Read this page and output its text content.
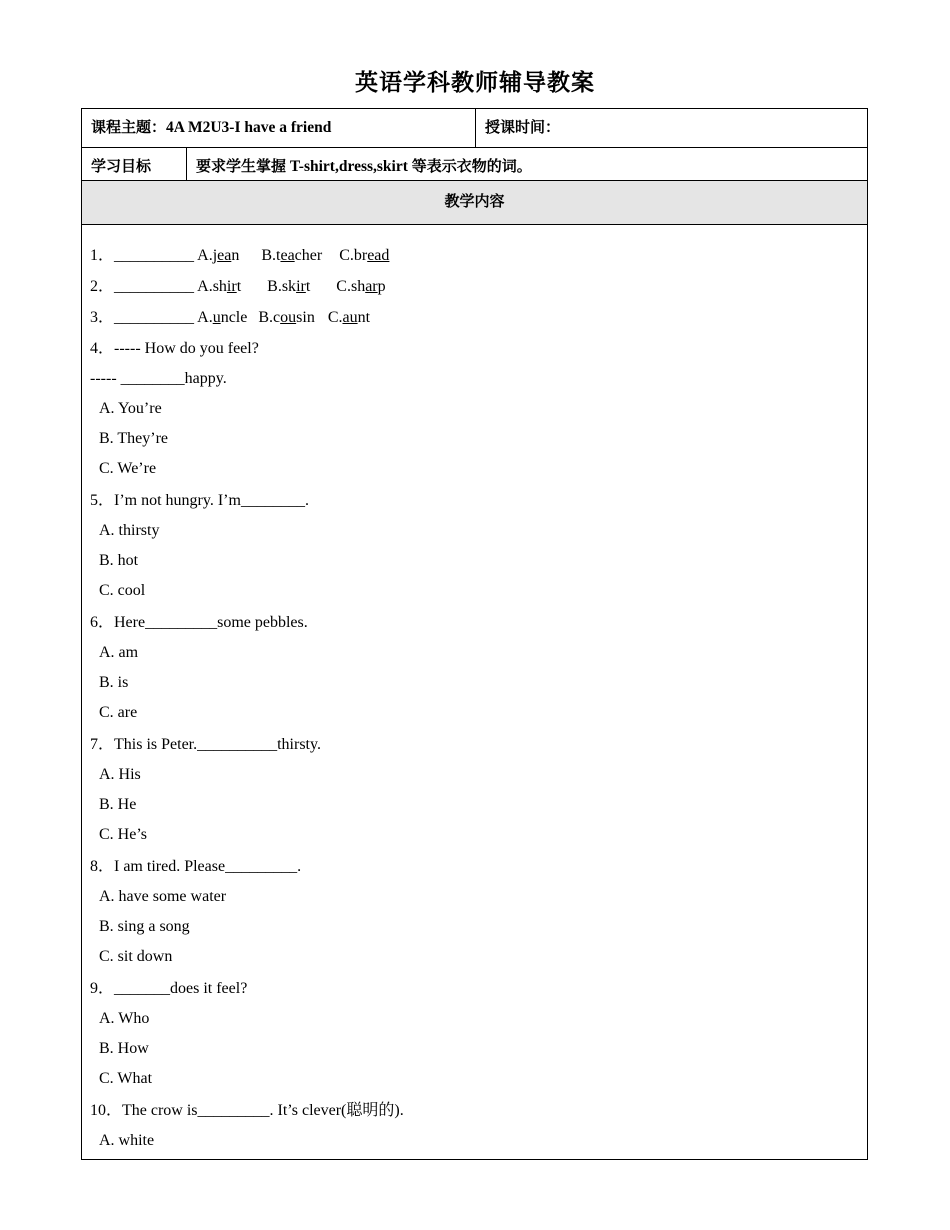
英语学科教师辅导教案
课程主题：4A M2U3-I have a friend	授课时间：
学习目标	要求学生掌握 T-shirt,dress,skirt 等表示衣物的词。
教学内容
1．__________ A.jean B.teacher C.bread
2．__________ A.shirt B.skirt C.sharp
3．__________ A.uncle B.cousin C.aunt
4．----- How do you feel?
----- ________happy.
A. You’re
B. They’re
C. We’re
5．I’m not hungry. I’m________.
A. thirsty
B. hot
C. cool
6．Here_________some pebbles.
A. am
B. is
C. are
7．This is Peter.__________thirsty.
A. His
B. He
C. He’s
8．I am tired. Please_________.
A. have some water
B. sing a song
C. sit down
9．_______does it feel?
A. Who
B. How
C. What
10．The crow is_________. It’s clever(聪明的).
A. white
